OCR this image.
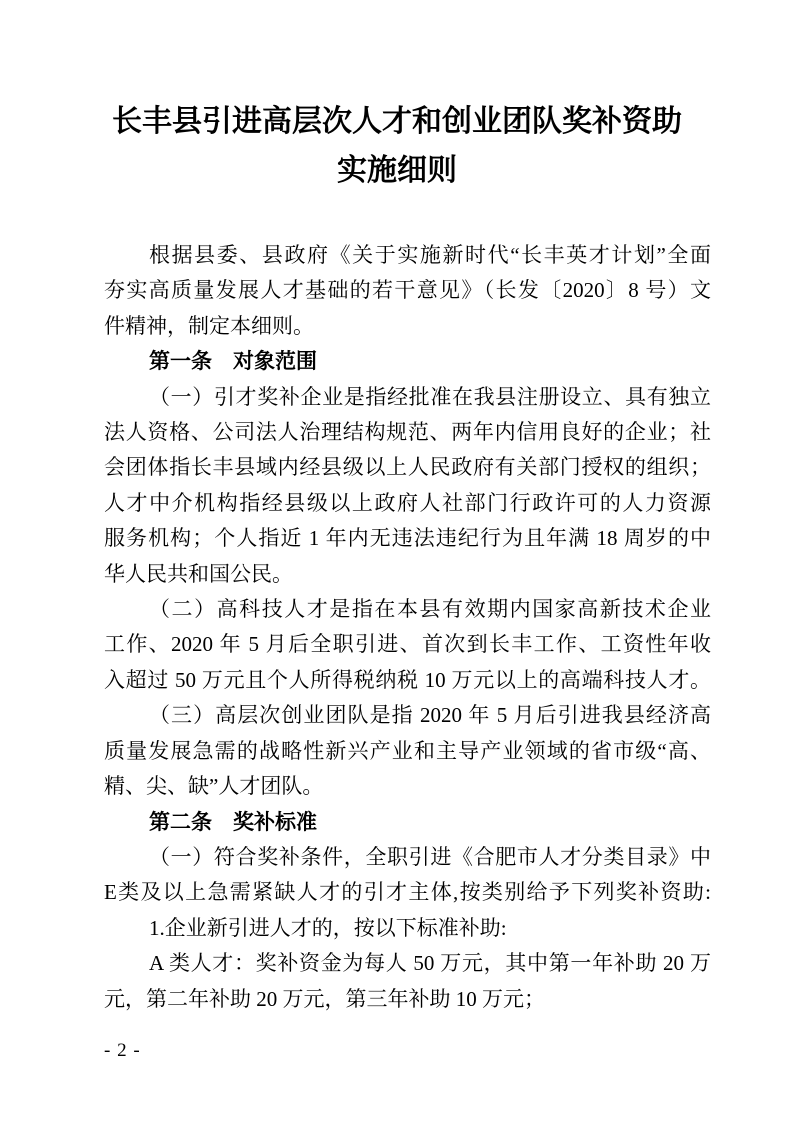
长丰县引进高层次人才和创业团队奖补资助
实施细则
根据县委、县政府《关于实施新时代“长丰英才计划”全面
夯实高质量发展人才基础的若干意见》（长发〔2020〕8 号）文
件精神，制定本细则。
第一条　对象范围
（一）引才奖补企业是指经批准在我县注册设立、具有独立
法人资格、公司法人治理结构规范、两年内信用良好的企业；社
会团体指长丰县域内经县级以上人民政府有关部门授权的组织；
人才中介机构指经县级以上政府人社部门行政许可的人力资源
服务机构；个人指近 1 年内无违法违纪行为且年满 18 周岁的中
华人民共和国公民。
（二）高科技人才是指在本县有效期内国家高新技术企业
工作、2020 年 5 月后全职引进、首次到长丰工作、工资性年收
入超过 50 万元且个人所得税纳税 10 万元以上的高端科技人才。
（三）高层次创业团队是指 2020 年 5 月后引进我县经济高
质量发展急需的战略性新兴产业和主导产业领域的省市级“高、
精、尖、缺”人才团队。
第二条　奖补标准
（一）符合奖补条件，全职引进《合肥市人才分类目录》中
E类及以上急需紧缺人才的引才主体,按类别给予下列奖补资助:
1.企业新引进人才的，按以下标准补助:
A 类人才：奖补资金为每人 50 万元，其中第一年补助 20 万
元，第二年补助 20 万元，第三年补助 10 万元；
- 2 -
